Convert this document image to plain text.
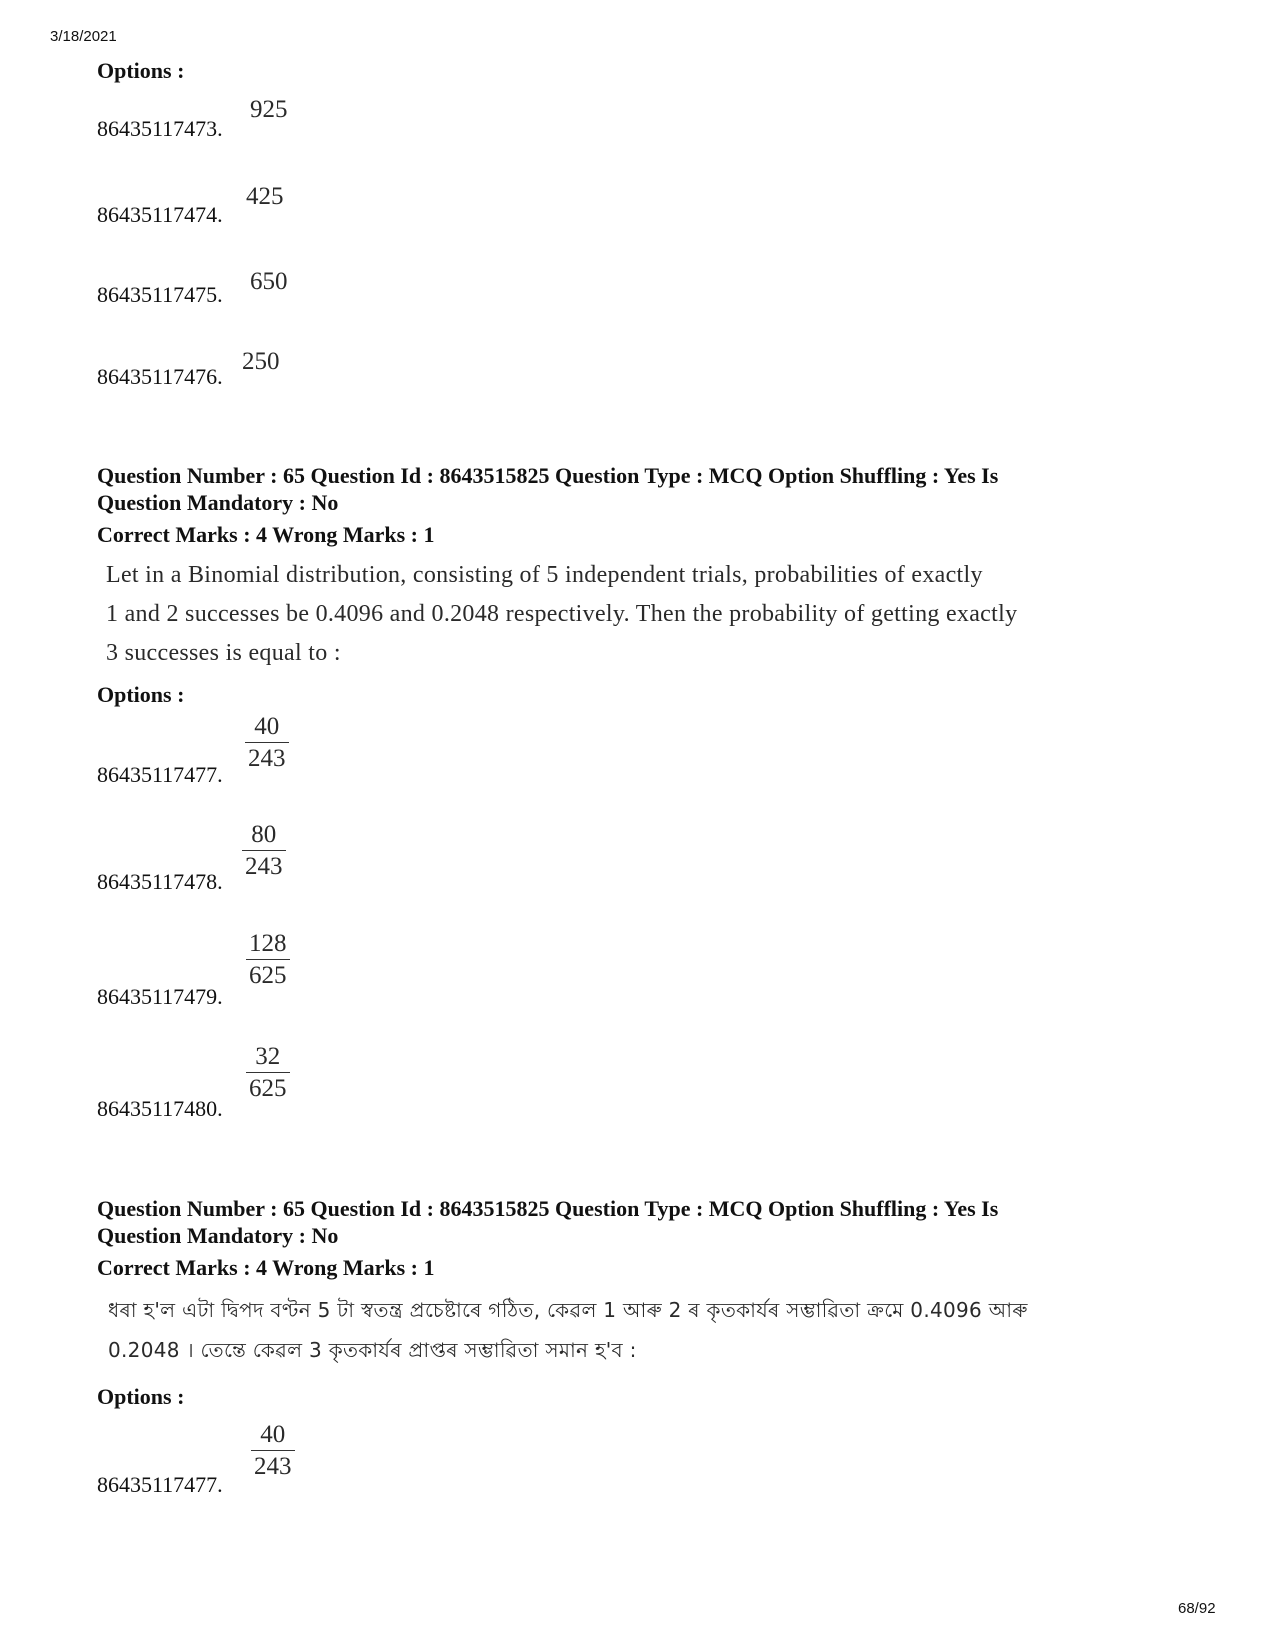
3/18/2021
68/92
Options :
86435117473.
925
86435117474.
425
86435117475. 650
86435117476.
250
Question Number : 65 Question Id : 8643515825 Question Type : MCQ Option Shuffling : Yes Is
Question Mandatory : No
Correct Marks : 4 Wrong Marks : 1
Let in a Binomial distribution, consisting of 5 independent trials, probabilities of exactly
1 and 2 successes be 0.4096 and 0.2048 respectively. Then the probability of getting exactly
3 successes is equal to :
Options :
86435117477.
40
243
86435117478.
80
243
86435117479.
128
625
86435117480.
32
625
Question Number : 65 Question Id : 8643515825 Question Type : MCQ Option Shuffling : Yes Is
Question Mandatory : No
Correct Marks : 4 Wrong Marks : 1
ধৰা হ'ল এটা দ্বিপদ বণ্টন 5 টা স্বতন্ত্ৰ প্ৰচেষ্টাৰে গঠিত, কেৱল 1 আৰু 2 ৰ কৃতকাৰ্যৰ সম্ভাৱিতা ক্ৰমে 0.4096 আৰু
0.2048 । তেন্তে কেৱল 3 কৃতকাৰ্যৰ প্ৰাপ্তৰ সম্ভাৱিতা সমান হ'ব :
Options :
86435117477.
40
243
